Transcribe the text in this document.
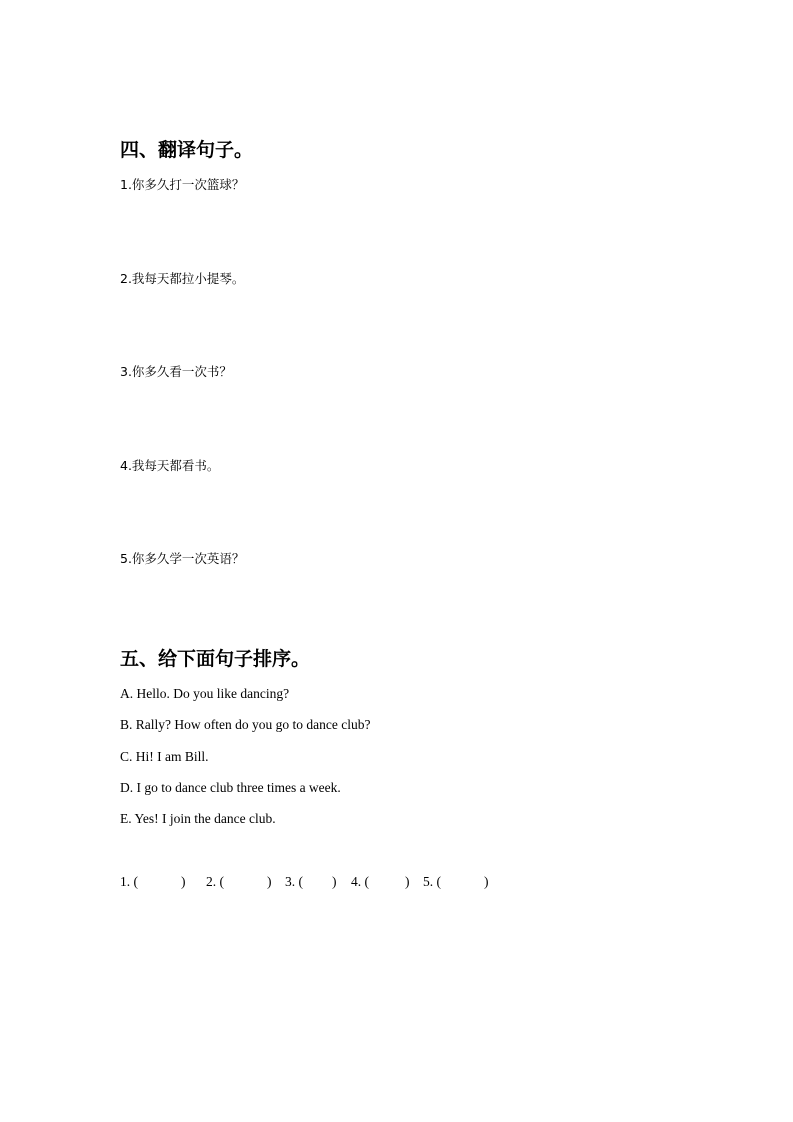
四、翻译句子。
1.你多久打一次篮球？
2.我每天都拉小提琴。
3.你多久看一次书？
4.我每天都看书。
5.你多久学一次英语？
五、给下面句子排序。
A. Hello. Do you like dancing?
B. Rally? How often do you go to dance club?
C. Hi! I am Bill.
D. I go to dance club three times a week.
E. Yes! I join the dance club.
1. (	) 2. (	) 3. ( ) 4. (	) 5. (	)
